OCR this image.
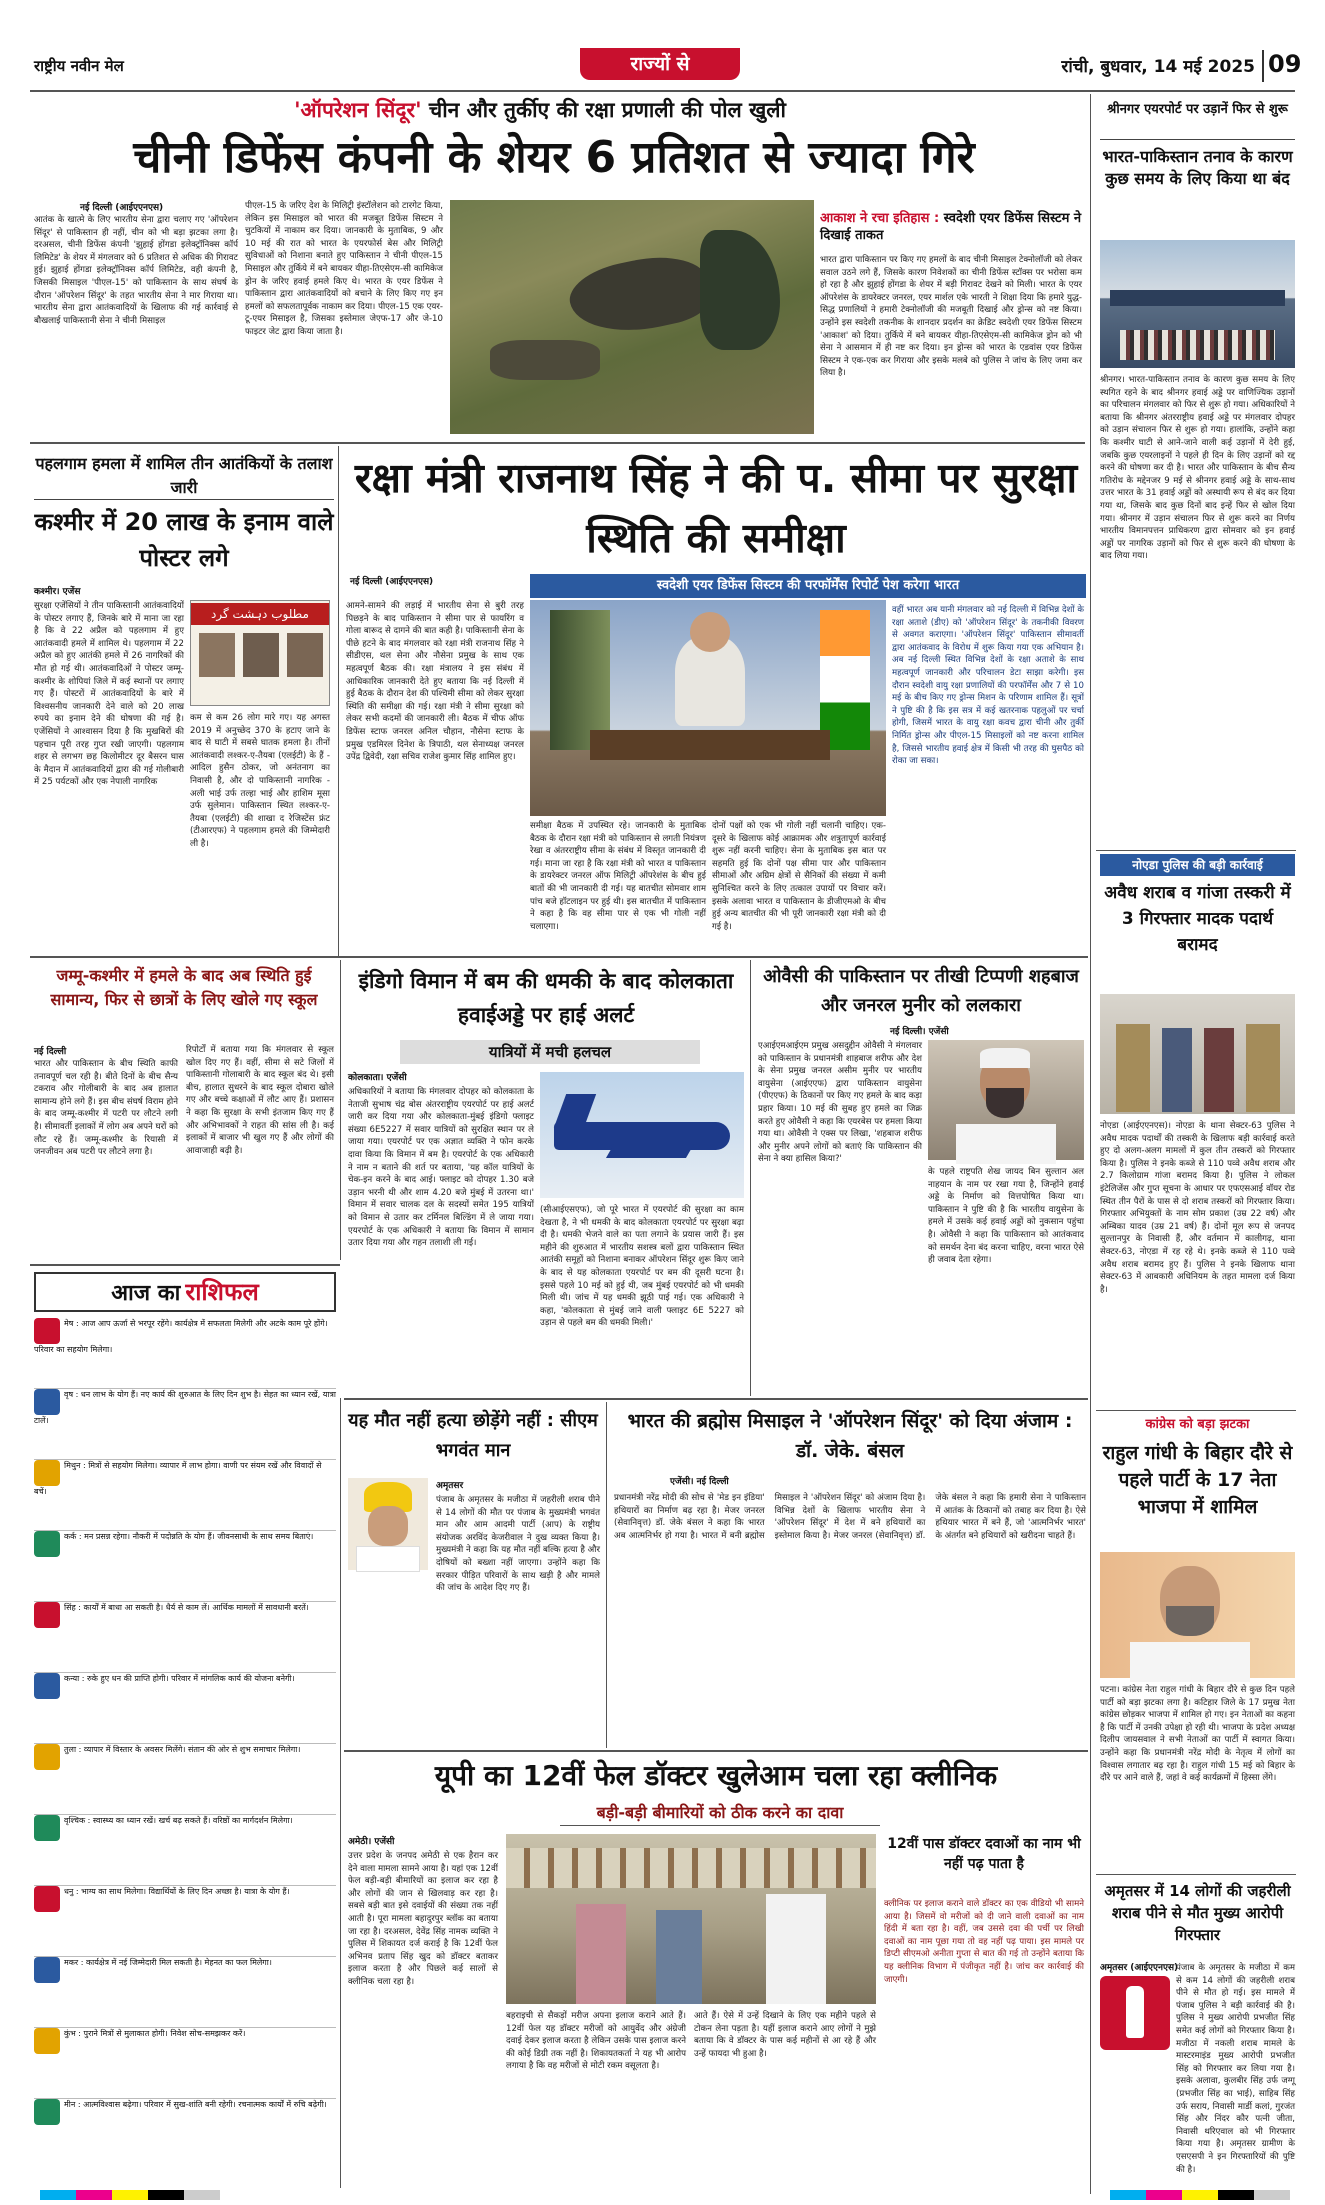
राष्ट्रीय नवीन मेल	राज्यों से	रांची, बुधवार, 14 मई 2025 09
'ऑपरेशन सिंदूर' चीन और तुर्कीए की रक्षा प्रणाली की पोल खुली
चीनी डिफेंस कंपनी के शेयर 6 प्रतिशत से ज्यादा गिरे
नई दिल्ली (आईएएनएस)
आतंक के खात्मे के लिए भारतीय सेना द्वारा चलाए गए 'ऑपरेशन सिंदूर' से पाकिस्तान ही नहीं, चीन को भी बड़ा झटका लगा है। दरअसल, चीनी डिफेंस कंपनी 'झुहाई होंगडा इलेक्ट्रॉनिक्स कॉर्प लिमिटेड' के शेयर में मंगलवार को 6 प्रतिशत से अधिक की गिरावट हुई। झुहाई होंगडा इलेक्ट्रॉनिक्स कॉर्प लिमिटेड, वही कंपनी है, जिसकी मिसाइल 'पीएल-15' को पाकिस्तान के साथ संघर्ष के दौरान 'ऑपरेशन सिंदूर' के तहत भारतीय सेना ने मार गिराया था। भारतीय सेना द्वारा आतंकवादियों के खिलाफ की गई कार्रवाई से बौखलाई पाकिस्तानी सेना ने चीनी मिसाइल
पीएल-15 के जरिए देश के मिलिट्री इंस्टॉलेशन को टारगेट किया, लेकिन इस मिसाइल को भारत की मजबूत डिफेंस सिस्टम ने चुटकियों में नाकाम कर दिया। जानकारी के मुताबिक, 9 और 10 मई की रात को भारत के एयरफोर्स बेस और मिलिट्री सुविधाओं को निशाना बनाते हुए पाकिस्तान ने चीनी पीएल-15 मिसाइल और तुर्किये में बने बायकर यीहा-तिएसेएम-सी कामिकेज ड्रोन के जरिए हवाई हमले किए थे। भारत के एयर डिफेंस ने पाकिस्तान द्वारा आतंकवादियों को बचाने के लिए किए गए इन हमलों को सफलतापूर्वक नाकाम कर दिया। पीएल-15 एक एयर-टू-एयर मिसाइल है, जिसका इस्तेमाल जेएफ-17 और जे-10 फाइटर जेट द्वारा किया जाता है।
आकाश ने रचा इतिहास : स्वदेशी एयर डिफेंस सिस्टम ने दिखाई ताकत
भारत द्वारा पाकिस्तान पर किए गए हमलों के बाद चीनी मिसाइल टेक्नोलॉजी को लेकर सवाल उठने लगे हैं, जिसके कारण निवेशकों का चीनी डिफेंस स्टॉक्स पर भरोसा कम हो रहा है और झुहाई होंगडा के शेयर में बड़ी गिरावट देखने को मिली। भारत के एयर ऑपरेशंस के डायरेक्टर जनरल, एयर मार्शल एके भारती ने शिक्षा दिया कि हमारे युद्ध-सिद्ध प्रणालियों ने हमारी टेक्नोलॉजी की मजबूती दिखाई और ड्रोन्स को नष्ट किया। उन्होंने इस स्वदेशी तकनीक के शानदार प्रदर्शन का क्रेडिट स्वदेशी एयर डिफेंस सिस्टम 'आकाश' को दिया। तुर्किये में बने बायकर यीहा-तिएसेएम-सी कामिकेज ड्रोन को भी सेना ने आसमान में ही नष्ट कर दिया। इन ड्रोन्स को भारत के एडवांस एयर डिफेंस सिस्टम ने एक-एक कर गिराया और इसके मलबे को पुलिस ने जांच के लिए जमा कर लिया है।
श्रीनगर एयरपोर्ट पर उड़ानें फिर से शुरू
भारत-पाकिस्तान तनाव के कारण कुछ समय के लिए किया था बंद
श्रीनगर। भारत-पाकिस्तान तनाव के कारण कुछ समय के लिए स्थगित रहने के बाद श्रीनगर हवाई अड्डे पर वाणिज्यिक उड़ानों का परिचालन मंगलवार को फिर से शुरू हो गया। अधिकारियों ने बताया कि श्रीनगर अंतरराष्ट्रीय हवाई अड्डे पर मंगलवार दोपहर को उड़ान संचालन फिर से शुरू हो गया। हालांकि, उन्होंने कहा कि कश्मीर घाटी से आने-जाने वाली कई उड़ानों में देरी हुई, जबकि कुछ एयरलाइनों ने पहले ही दिन के लिए उड़ानों को रद्द करने की घोषणा कर दी है। भारत और पाकिस्तान के बीच सैन्य गतिरोध के मद्देनजर 9 मई से श्रीनगर हवाई अड्डे के साथ-साथ उत्तर भारत के 31 हवाई अड्डों को अस्थायी रूप से बंद कर दिया गया था, जिसके बाद कुछ दिनों बाद इन्हें फिर से खोल दिया गया। श्रीनगर में उड़ान संचालन फिर से शुरू करने का निर्णय भारतीय विमानपत्तन प्राधिकरण द्वारा सोमवार को इन हवाई अड्डों पर नागरिक उड़ानों को फिर से शुरू करने की घोषणा के बाद लिया गया।
पहलगाम हमला में शामिल तीन आतंकियों के तलाश जारी
कश्मीर में 20 लाख के इनाम वाले पोस्टर लगे
कश्मीर। एजेंस
مطلوب دہشت گرد
सुरक्षा एजेंसियों ने तीन पाकिस्तानी आतंकवादियों के पोस्टर लगाए हैं, जिनके बारे में माना जा रहा है कि वे 22 अप्रैल को पहलगाम में हुए आतंकवादी हमले में शामिल थे। पहलगाम में 22 अप्रैल को हुए आतंकी हमले में 26 नागरिकों की मौत हो गई थी। आतंकवादिओं ने पोस्टर जम्मू-कश्मीर के शोपियां जिले में कई स्थानों पर लगाए गए हैं। पोस्टरों में आतंकवादियों के बारे में विश्वसनीय जानकारी देने वाले को 20 लाख रुपये का इनाम देने की घोषणा की गई है। एजेंसियों ने आश्वासन दिया है कि मुखबिरों की पहचान पूरी तरह गुप्त रखी जाएगी। पहलगाम शहर से लगभग छह किलोमीटर दूर बैसरन घास के मैदान में आतंकवादियों द्वारा की गई गोलीबारी में 25 पर्यटकों और एक नेपाली नागरिक
कम से कम 26 लोग मारे गए। यह अगस्त 2019 में अनुच्छेद 370 के हटाए जाने के बाद से घाटी में सबसे घातक हमला है। तीनों आतंकवादी लश्कर-ए-तैयबा (एलईटी) के हैं - आदिल हुसैन ठोकर, जो अनंतनाग का निवासी है, और दो पाकिस्तानी नागरिक - अली भाई उर्फ तल्हा भाई और हाशिम मूसा उर्फ सुलेमान। पाकिस्तान स्थित लश्कर-ए-तैयबा (एलईटी) की शाखा द रेजिस्टेंस फ्रंट (टीआरएफ) ने पहलगाम हमले की जिम्मेदारी ली है।
रक्षा मंत्री राजनाथ सिंह ने की प. सीमा पर सुरक्षा स्थिति की समीक्षा
नई दिल्ली (आईएएनएस)	स्वदेशी एयर डिफेंस सिस्टम की परफॉर्मेंस रिपोर्ट पेश करेगा भारत
आमने-सामने की लड़ाई में भारतीय सेना से बुरी तरह पिछड़ने के बाद पाकिस्तान ने सीमा पार से फायरिंग व गोला बारूद से दागने की बात कही है। पाकिस्तानी सेना के पीछे हटने के बाद मंगलवार को रक्षा मंत्री राजनाथ सिंह ने सीडीएस, थल सेना और नौसेना प्रमुख के साथ एक महत्वपूर्ण बैठक की। रक्षा मंत्रालय ने इस संबंध में आधिकारिक जानकारी देते हुए बताया कि नई दिल्ली में हुई बैठक के दौरान देश की पश्चिमी सीमा को लेकर सुरक्षा स्थिति की समीक्षा की गई। रक्षा मंत्री ने सीमा सुरक्षा को लेकर सभी कदमों की जानकारी ली। बैठक में चीफ ऑफ डिफेंस स्टाफ जनरल अनिल चौहान, नौसेना स्टाफ के प्रमुख एडमिरल दिनेश के त्रिपाठी, थल सेनाध्यक्ष जनरल उपेंद्र द्विवेदी, रक्षा सचिव राजेश कुमार सिंह शामिल हुए।
समीक्षा बैठक में उपस्थित रहे। जानकारी के मुताबिक बैठक के दौरान रक्षा मंत्री को पाकिस्तान से लगती नियंत्रण रेखा व अंतरराष्ट्रीय सीमा के संबंध में विस्तृत जानकारी दी गई। माना जा रहा है कि रक्षा मंत्री को भारत व पाकिस्तान के डायरेक्टर जनरल ऑफ मिलिट्री ऑपरेशंस के बीच हुई बातों की भी जानकारी दी गई। यह बातचीत सोमवार शाम पांच बजे हॉटलाइन पर हुई थी। इस बातचीत में पाकिस्तान ने कहा है कि वह सीमा पार से एक भी गोली नहीं चलाएगा।
दोनों पक्षों को एक भी गोली नहीं चलानी चाहिए। एक-दूसरे के खिलाफ कोई आक्रामक और शत्रुतापूर्ण कार्रवाई शुरू नहीं करनी चाहिए। सेना के मुताबिक इस बात पर सहमति हुई कि दोनों पक्ष सीमा पार और पाकिस्तान सीमाओं और अग्रिम क्षेत्रों से सैनिकों की संख्या में कमी सुनिश्चित करने के लिए तत्काल उपायों पर विचार करें। इसके अलावा भारत व पाकिस्तान के डीजीएमओ के बीच हुई अन्य बातचीत की भी पूरी जानकारी रक्षा मंत्री को दी गई है।
वहीं भारत अब यानी मंगलवार को नई दिल्ली में विभिन्न देशों के रक्षा अताशे (डीए) को 'ऑपरेशन सिंदूर' के तकनीकी विवरण से अवगत कराएगा। 'ऑपरेशन सिंदूर' पाकिस्तान सीमावर्ती द्वारा आतंकवाद के विरोध में शुरू किया गया एक अभियान है। अब नई दिल्ली स्थित विभिन्न देशों के रक्षा अताशे के साथ महत्वपूर्ण जानकारी और परिचालन डेटा साझा करेगी। इस दौरान स्वदेशी वायु रक्षा प्रणालियों की परफॉर्मेंस और 7 से 10 मई के बीच किए गए ड्रोन्स मिशन के परिणाम शामिल हैं। सूत्रों ने पुष्टि की है कि इस सत्र में कई खतरनाक पहलुओं पर चर्चा होगी, जिसमें भारत के वायु रक्षा कवच द्वारा चीनी और तुर्की निर्मित ड्रोन्स और पीएल-15 मिसाइलों को नष्ट करना शामिल है, जिससे भारतीय हवाई क्षेत्र में किसी भी तरह की घुसपैठ को रोका जा सका।
नोएडा पुलिस की बड़ी कार्रवाई
अवैध शराब व गांजा तस्करी में 3 गिरफ्तार मादक पदार्थ बरामद
नोएडा (आईएएनएस)। नोएडा के थाना सेक्टर-63 पुलिस ने अवैध मादक पदार्थों की तस्करी के खिलाफ बड़ी कार्रवाई करते हुए दो अलग-अलग मामलों में कुल तीन तस्करों को गिरफ्तार किया है। पुलिस ने इनके कब्जे से 110 पव्वे अवैध शराब और 2.7 किलोग्राम गांजा बरामद किया है। पुलिस ने लोकल इंटेलिजेंस और गुप्त सूचना के आधार पर एफएसआई वॉयर रोड स्थित तीन पैरों के पास से दो शराब तस्करों को गिरफ्तार किया। गिरफ्तार अभियुक्तों के नाम सोम प्रकाश (उम्र 22 वर्ष) और अम्बिका यादव (उम्र 21 वर्ष) हैं। दोनों मूल रूप से जनपद सुल्तानपुर के निवासी हैं, और वर्तमान में कालीगढ़, थाना सेक्टर-63, नोएडा में रह रहे थे। इनके कब्जे से 110 पव्वे अवैध शराब बरामद हुए हैं। पुलिस ने इनके खिलाफ थाना सेक्टर-63 में आबकारी अधिनियम के तहत मामला दर्ज किया है।
जम्मू-कश्मीर में हमले के बाद अब स्थिति हुई सामान्य, फिर से छात्रों के लिए खोले गए स्कूल
नई दिल्ली
भारत और पाकिस्तान के बीच स्थिति काफी तनावपूर्ण चल रही है। बीते दिनों के बीच सैन्य टकराव और गोलीबारी के बाद अब हालात सामान्य होने लगे हैं। इस बीच संघर्ष विराम होने के बाद जम्मू-कश्मीर में पटरी पर लौटने लगी है। सीमावर्ती इलाकों में लोग अब अपने घरों को लौट रहे हैं। जम्मू-कश्मीर के रियासी में जनजीवन अब पटरी पर लौटने लगा है।
रिपोर्टों में बताया गया कि मंगलवार से स्कूल खोल दिए गए हैं। वहीं, सीमा से सटे जिलों में पाकिस्तानी गोलाबारी के बाद स्कूल बंद थे। इसी बीच, हालात सुधरने के बाद स्कूल दोबारा खोले गए और बच्चे कक्षाओं में लौट आए हैं। प्रशासन ने कहा कि सुरक्षा के सभी इंतजाम किए गए हैं और अभिभावकों ने राहत की सांस ली है। कई इलाकों में बाजार भी खुल गए हैं और लोगों की आवाजाही बढ़ी है।
इंडिगो विमान में बम की धमकी के बाद कोलकाता हवाईअड्डे पर हाई अलर्ट
यात्रियों में मची हलचल
कोलकाता। एजेंसी
अधिकारियों ने बताया कि मंगलवार दोपहर को कोलकाता के नेताजी सुभाष चंद्र बोस अंतरराष्ट्रीय एयरपोर्ट पर हाई अलर्ट जारी कर दिया गया और कोलकाता-मुंबई इंडिगो फ्लाइट संख्या 6E5227 में सवार यात्रियों को सुरक्षित स्थान पर ले जाया गया। एयरपोर्ट पर एक अज्ञात व्यक्ति ने फोन करके दावा किया कि विमान में बम है। एयरपोर्ट के एक अधिकारी ने नाम न बताने की शर्त पर बताया, 'यह कॉल यात्रियों के चेक-इन करने के बाद आई। फ्लाइट को दोपहर 1.30 बजे उड़ान भरनी थी और शाम 4.20 बजे मुंबई में उतरना था।' विमान में सवार चालक दल के सदस्यों समेत 195 यात्रियों को विमान से उतार कर टर्मिनल बिल्डिंग में ले जाया गया। एयरपोर्ट के एक अधिकारी ने बताया कि विमान में सामान उतार दिया गया और गहन तलाशी ली गई।
(सीआईएसएफ), जो पूरे भारत में एयरपोर्ट की सुरक्षा का काम देखता है, ने भी धमकी के बाद कोलकाता एयरपोर्ट पर सुरक्षा बढ़ा दी है। धमकी भेजने वाले का पता लगाने के प्रयास जारी हैं। इस महीने की शुरुआत में भारतीय सशस्त्र बलों द्वारा पाकिस्तान स्थित आतंकी समूहों को निशाना बनाकर ऑपरेशन सिंदूर शुरू किए जाने के बाद से यह कोलकाता एयरपोर्ट पर बम की दूसरी घटना है। इससे पहले 10 मई को हुई थी, जब मुंबई एयरपोर्ट को भी धमकी मिली थी। जांच में यह धमकी झूठी पाई गई। एक अधिकारी ने कहा, 'कोलकाता से मुंबई जाने वाली फ्लाइट 6E 5227 को उड़ान से पहले बम की धमकी मिली।'
ओवैसी की पाकिस्तान पर तीखी टिप्पणी शहबाज और जनरल मुनीर को ललकारा
नई दिल्ली। एजेंसी
एआईएमआईएम प्रमुख असदुद्दीन ओवैसी ने मंगलवार को पाकिस्तान के प्रधानमंत्री शाहबाज शरीफ और देश के सेना प्रमुख जनरल असीम मुनीर पर भारतीय वायुसेना (आईएएफ) द्वारा पाकिस्तान वायुसेना (पीएएफ) के ठिकानों पर किए गए हमले के बाद कड़ा प्रहार किया। 10 मई की सुबह हुए हमले का जिक्र करते हुए ओवैसी ने कहा कि एयरबेस पर हमला किया गया था। ओवैसी ने एक्स पर लिखा, 'शहबाज शरीफ और मुनीर अपने लोगों को बताएं कि पाकिस्तान की सेना ने क्या हासिल किया?'
के पहले राष्ट्रपति शेख जायद बिन सुल्तान अल नाहयान के नाम पर रखा गया है, जिन्होंने हवाई अड्डे के निर्माण को वित्तपोषित किया था। पाकिस्तान ने पुष्टि की है कि भारतीय वायुसेना के हमले में उसके कई हवाई अड्डों को नुकसान पहुंचा है। ओवैसी ने कहा कि पाकिस्तान को आतंकवाद को समर्थन देना बंद करना चाहिए, वरना भारत ऐसे ही जवाब देता रहेगा।
कांग्रेस को बड़ा झटका
राहुल गांधी के बिहार दौरे से पहले पार्टी के 17 नेता भाजपा में शामिल
पटना। कांग्रेस नेता राहुल गांधी के बिहार दौरे से कुछ दिन पहले पार्टी को बड़ा झटका लगा है। कटिहार जिले के 17 प्रमुख नेता कांग्रेस छोड़कर भाजपा में शामिल हो गए। इन नेताओं का कहना है कि पार्टी में उनकी उपेक्षा हो रही थी। भाजपा के प्रदेश अध्यक्ष दिलीप जायसवाल ने सभी नेताओं का पार्टी में स्वागत किया। उन्होंने कहा कि प्रधानमंत्री नरेंद्र मोदी के नेतृत्व में लोगों का विश्वास लगातार बढ़ रहा है। राहुल गांधी 15 मई को बिहार के दौरे पर आने वाले हैं, जहां वे कई कार्यक्रमों में हिस्सा लेंगे।
अमृतसर में 14 लोगों की जहरीली शराब पीने से मौत मुख्य आरोपी गिरफ्तार
अमृतसर (आईएएनएस)
पंजाब के अमृतसर के मजीठा में कम से कम 14 लोगों की जहरीली शराब पीने से मौत हो गई। इस मामले में पंजाब पुलिस ने बड़ी कार्रवाई की है। पुलिस ने मुख्य आरोपी प्रभजीत सिंह समेत कई लोगों को गिरफ्तार किया है। मजीठा में नकली शराब मामले के मास्टरमाइंड मुख्य आरोपी प्रभजीत सिंह को गिरफ्तार कर लिया गया है। इसके अलावा, कुलबीर सिंह उर्फ जग्गू (प्रभजीत सिंह का भाई), साहिब सिंह उर्फ सराय, निवासी मार्डी कलां, गुरजंत सिंह और निंदर कौर पत्नी जीता, निवासी थरिएवाल को भी गिरफ्तार किया गया है। अमृतसर ग्रामीण के एसएसपी ने इन गिरफ्तारियों की पुष्टि की है।
आज का राशिफल
मेष : आज आप ऊर्जा से भरपूर रहेंगे। कार्यक्षेत्र में सफलता मिलेगी और अटके काम पूरे होंगे। परिवार का सहयोग मिलेगा।
वृष : धन लाभ के योग हैं। नए कार्य की शुरुआत के लिए दिन शुभ है। सेहत का ध्यान रखें, यात्रा टालें।
मिथुन : मित्रों से सहयोग मिलेगा। व्यापार में लाभ होगा। वाणी पर संयम रखें और विवादों से बचें।
कर्क : मन प्रसन्न रहेगा। नौकरी में पदोन्नति के योग हैं। जीवनसाथी के साथ समय बिताएं।
सिंह : कार्यों में बाधा आ सकती है। धैर्य से काम लें। आर्थिक मामलों में सावधानी बरतें।
कन्या : रुके हुए धन की प्राप्ति होगी। परिवार में मांगलिक कार्य की योजना बनेगी।
तुला : व्यापार में विस्तार के अवसर मिलेंगे। संतान की ओर से शुभ समाचार मिलेगा।
वृश्चिक : स्वास्थ्य का ध्यान रखें। खर्च बढ़ सकते हैं। वरिष्ठों का मार्गदर्शन मिलेगा।
धनु : भाग्य का साथ मिलेगा। विद्यार्थियों के लिए दिन अच्छा है। यात्रा के योग हैं।
मकर : कार्यक्षेत्र में नई जिम्मेदारी मिल सकती है। मेहनत का फल मिलेगा।
कुंभ : पुराने मित्रों से मुलाकात होगी। निवेश सोच-समझकर करें।
मीन : आत्मविश्वास बढ़ेगा। परिवार में सुख-शांति बनी रहेगी। रचनात्मक कार्यों में रुचि बढ़ेगी।
यह मौत नहीं हत्या छोड़ेंगे नहीं : सीएम भगवंत मान
अमृतसर
पंजाब के अमृतसर के मजीठा में जहरीली शराब पीने से 14 लोगों की मौत पर पंजाब के मुख्यमंत्री भगवंत मान और आम आदमी पार्टी (आप) के राष्ट्रीय संयोजक अरविंद केजरीवाल ने दुख व्यक्त किया है। मुख्यमंत्री ने कहा कि यह मौत नहीं बल्कि हत्या है और दोषियों को बख्शा नहीं जाएगा। उन्होंने कहा कि सरकार पीड़ित परिवारों के साथ खड़ी है और मामले की जांच के आदेश दिए गए हैं।
भारत की ब्रह्मोस मिसाइल ने 'ऑपरेशन सिंदूर' को दिया अंजाम : डॉ. जेके. बंसल
एजेंसी। नई दिल्ली
प्रधानमंत्री नरेंद्र मोदी की सोच से 'मेड इन इंडिया' हथियारों का निर्माण बढ़ रहा है। मेजर जनरल (सेवानिवृत्त) डॉ. जेके बंसल ने कहा कि भारत अब आत्मनिर्भर हो गया है। भारत में बनी ब्रह्मोस मिसाइल ने 'ऑपरेशन सिंदूर' को अंजाम दिया है। विभिन्न देशों के खिलाफ भारतीय सेना ने 'ऑपरेशन सिंदूर' में देश में बने हथियारों का इस्तेमाल किया है। मेजर जनरल (सेवानिवृत्त) डॉ. जेके बंसल ने कहा कि हमारी सेना ने पाकिस्तान में आतंक के ठिकानों को तबाह कर दिया है। ऐसे हथियार भारत में बने हैं, जो 'आत्मनिर्भर भारत' के अंतर्गत बने हथियारों को खरीदना चाहते हैं।
यूपी का 12वीं फेल डॉक्टर खुलेआम चला रहा क्लीनिक
बड़ी-बड़ी बीमारियों को ठीक करने का दावा
अमेठी। एजेंसी
उत्तर प्रदेश के जनपद अमेठी से एक हैरान कर देने वाला मामला सामने आया है। यहां एक 12वीं फेल बड़ी-बड़ी बीमारियों का इलाज कर रहा है और लोगों की जान से खिलवाड़ कर रहा है। सबसे बड़ी बात इसे दवाईयों की संख्या तक नहीं आती है। पूरा मामला बहादुरपुर ब्लॉक का बताया जा रहा है। दरअसल, देवेंद्र सिंह नामक व्यक्ति ने पुलिस में शिकायत दर्ज कराई है कि 12वीं फेल अभिनव प्रताप सिंह खुद को डॉक्टर बताकर इलाज करता है और पिछले कई सालों से क्लीनिक चला रहा है।
बहराइची से सैकड़ों मरीज अपना इलाज कराने आते हैं। 12वीं फेल यह डॉक्टर मरीजों को आयुर्वेद और अंग्रेजी दवाई देकर इलाज करता है लेकिन उसके पास इलाज करने की कोई डिग्री तक नहीं है। शिकायतकर्ता ने यह भी आरोप लगाया है कि वह मरीजों से मोटी रकम वसूलता है।
आते हैं। ऐसे में उन्हें दिखाने के लिए एक महीने पहले से टोकन लेना पड़ता है। यहीं इलाज कराने आए लोगों ने मुझे बताया कि वे डॉक्टर के पास कई महीनों से आ रहे हैं और उन्हें फायदा भी हुआ है।
12वीं पास डॉक्टर दवाओं का नाम भी नहीं पढ़ पाता है
क्लीनिक पर इलाज कराने वाले डॉक्टर का एक वीडियो भी सामने आया है। जिसमें वो मरीजों को दी जाने वाली दवाओं का नाम हिंदी में बता रहा है। वहीं, जब उससे दवा की पर्ची पर लिखी दवाओं का नाम पूछा गया तो वह नहीं पढ़ पाया। इस मामले पर डिप्टी सीएमओ अनीता गुप्ता से बात की गई तो उन्होंने बताया कि यह क्लीनिक विभाग में पंजीकृत नहीं है। जांच कर कार्रवाई की जाएगी।
